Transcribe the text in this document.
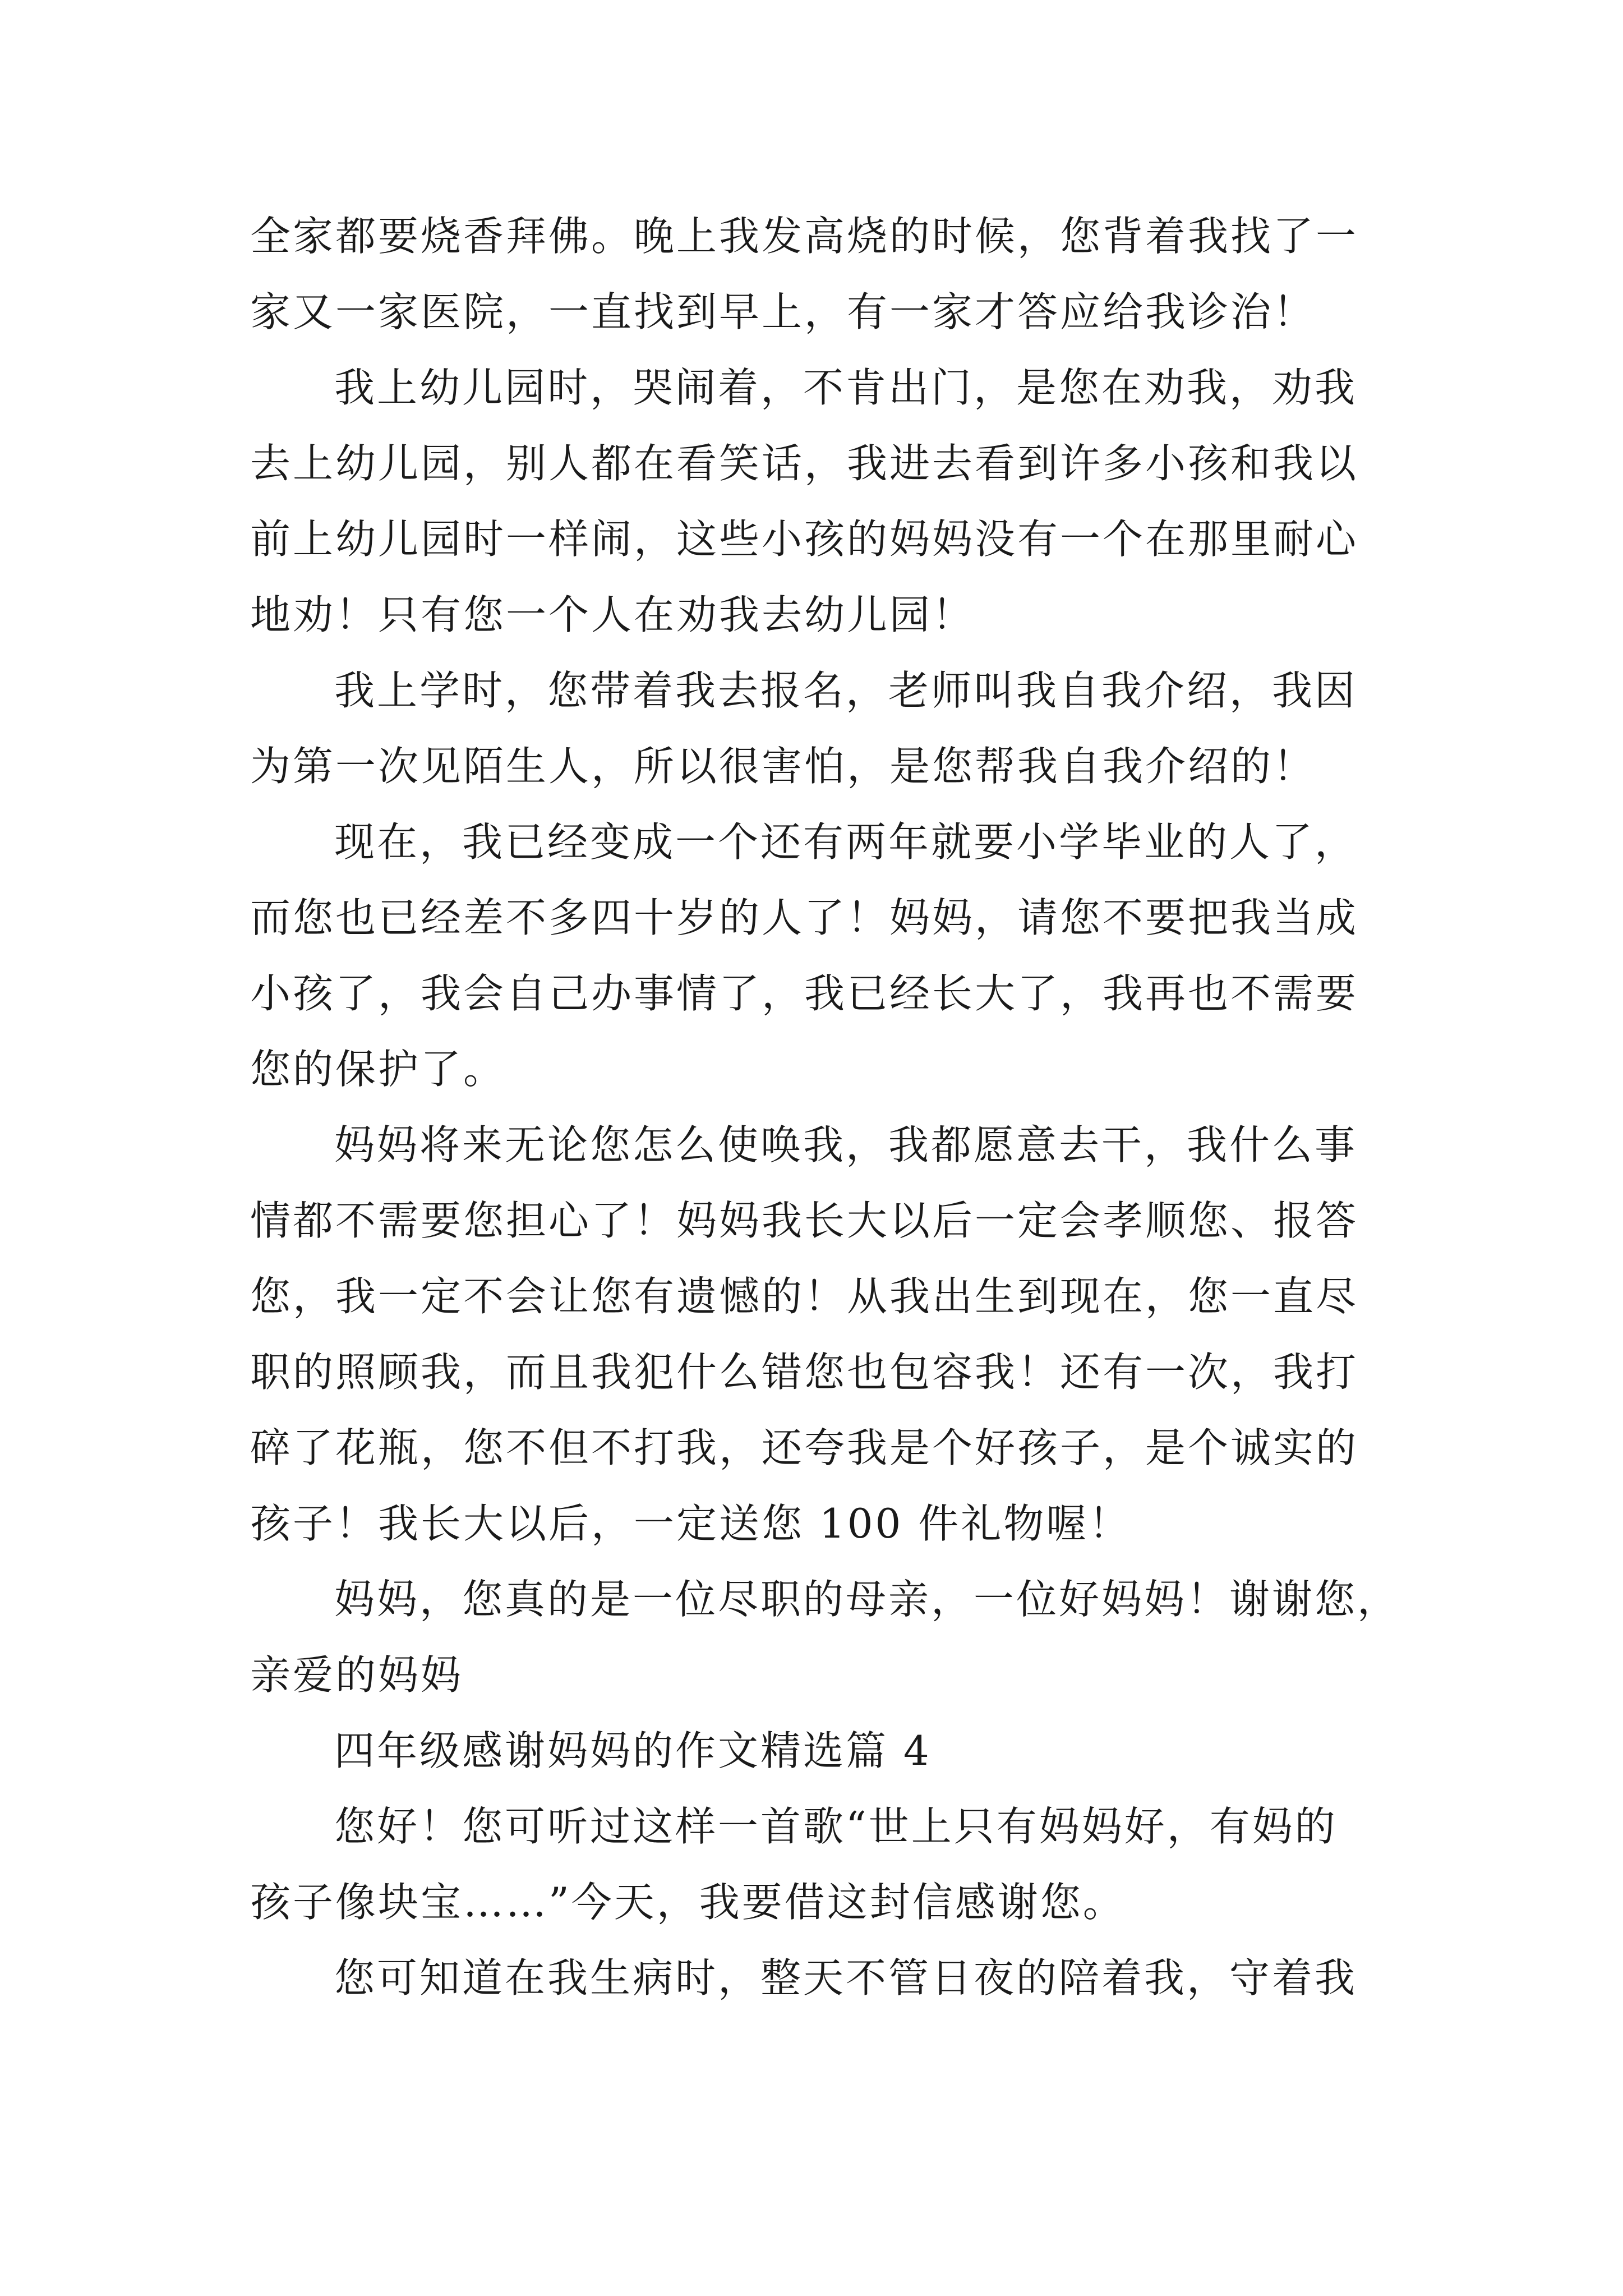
全家都要烧香拜佛。晚上我发高烧的时候，您背着我找了一
家又一家医院，一直找到早上，有一家才答应给我诊治！
我上幼儿园时，哭闹着，不肯出门，是您在劝我，劝我
去上幼儿园，别人都在看笑话，我进去看到许多小孩和我以
前上幼儿园时一样闹，这些小孩的妈妈没有一个在那里耐心
地劝！只有您一个人在劝我去幼儿园！
我上学时，您带着我去报名，老师叫我自我介绍，我因
为第一次见陌生人，所以很害怕，是您帮我自我介绍的！
现在，我已经变成一个还有两年就要小学毕业的人了，
而您也已经差不多四十岁的人了！妈妈，请您不要把我当成
小孩了，我会自己办事情了，我已经长大了，我再也不需要
您的保护了。
妈妈将来无论您怎么使唤我，我都愿意去干，我什么事
情都不需要您担心了！妈妈我长大以后一定会孝顺您、报答
您，我一定不会让您有遗憾的！从我出生到现在，您一直尽
职的照顾我，而且我犯什么错您也包容我！还有一次，我打
碎了花瓶，您不但不打我，还夸我是个好孩子，是个诚实的
孩子！我长大以后，一定送您 100 件礼物喔！
妈妈，您真的是一位尽职的母亲，一位好妈妈！谢谢您，
亲爱的妈妈
四年级感谢妈妈的作文精选篇 4
您好！您可听过这样一首歌“世上只有妈妈好，有妈的
孩子像块宝……”今天，我要借这封信感谢您。
您可知道在我生病时，整天不管日夜的陪着我，守着我
